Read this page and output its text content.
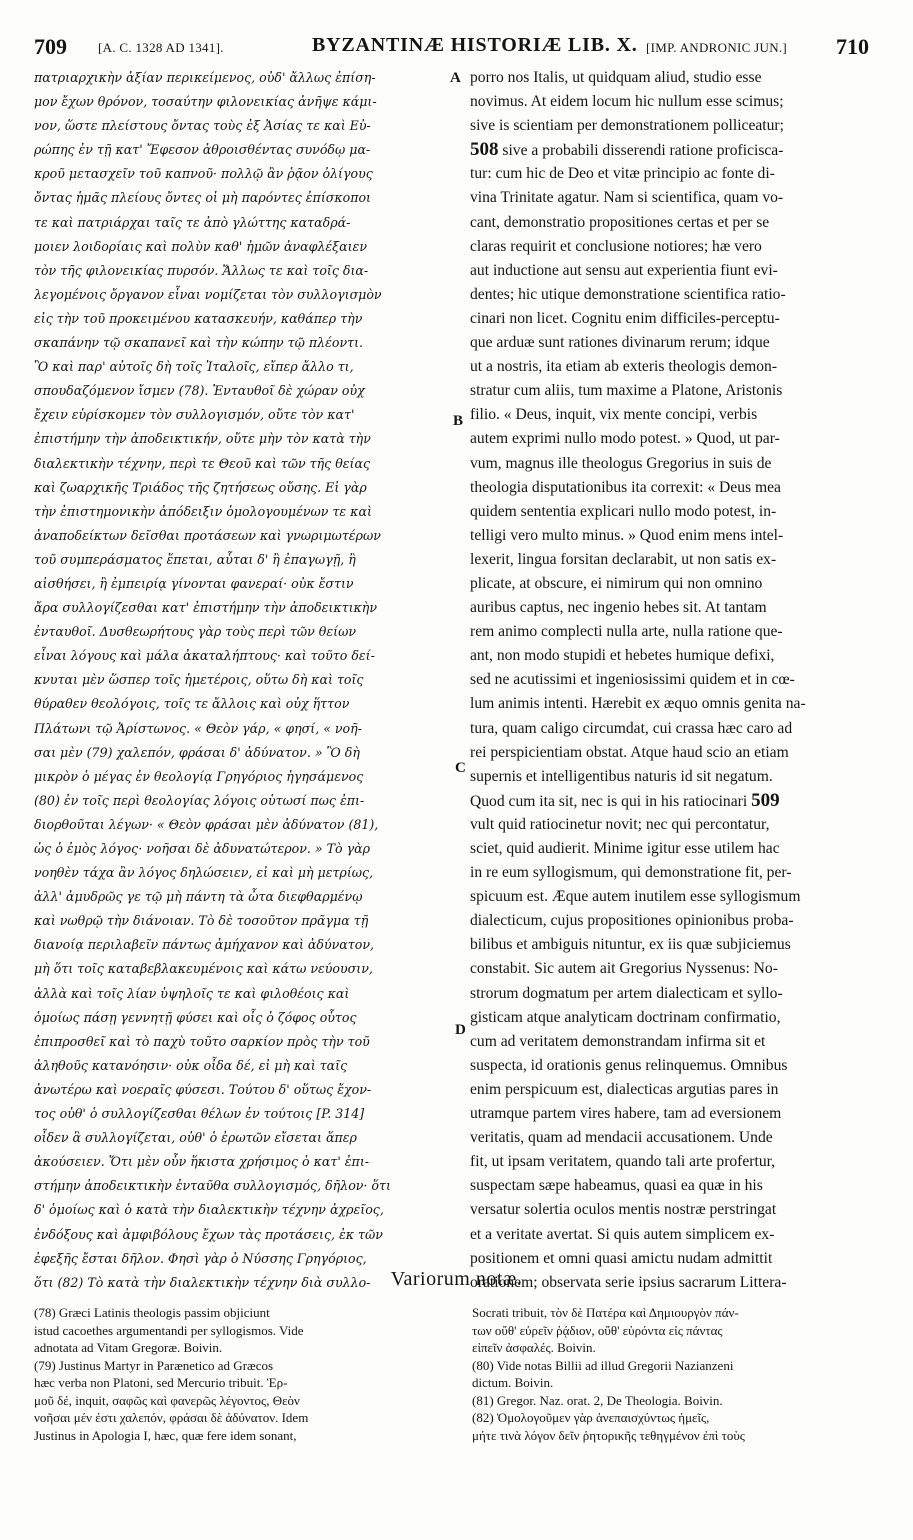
709 [A. C. 1328 AD 1341].	BYZANTINÆ HISTORIÆ LIB. X. [IMP. ANDRONIC JUN.] 710

πατριαρχικὴν ἀξίαν περικείμενος, οὐδ' ἄλλως ἐπίση-

μον ἔχων θρόνον, τοσαύτην φιλονεικίας ἀνῆψε κάμι-

νον, ὥστε πλείστους ὄντας τοὺς ἐξ Ἀσίας τε καὶ Εὐ-

ρώπης ἐν τῇ κατ' Ἔφεσον ἀθροισθέντας συνόδῳ μα-

κροῦ μετασχεῖν τοῦ καπνοῦ· πολλῷ ἂν ῥᾷον ὀλίγους

ὄντας ἡμᾶς πλείους ὄντες οἱ μὴ παρόντες ἐπίσκοποι

τε καὶ πατριάρχαι ταῖς τε ἀπὸ γλώττης καταδρά-

μοιεν λοιδορίαις καὶ πολὺν καθ' ἡμῶν ἀναφλέξαιεν

τὸν τῆς φιλονεικίας πυρσόν. Ἄλλως τε καὶ τοῖς δια-

λεγομένοις ὄργανον εἶναι νομίζεται τὸν συλλογισμὸν

εἰς τὴν τοῦ προκειμένου κατασκευήν, καθάπερ τὴν

σκαπάνην τῷ σκαπανεῖ καὶ τὴν κώπην τῷ πλέοντι.

Ὃ καὶ παρ' αὐτοῖς δὴ τοῖς Ἰταλοῖς, εἴπερ ἄλλο τι,

σπουδαζόμενον ἴσμεν (78). Ἐνταυθοῖ δὲ χώραν οὐχ

ἔχειν εὑρίσκομεν τὸν συλλογισμόν, οὔτε τὸν κατ'

ἐπιστήμην τὴν ἀποδεικτικήν, οὔτε μὴν τὸν κατὰ τὴν

διαλεκτικὴν τέχνην, περὶ τε Θεοῦ καὶ τῶν τῆς θείας

καὶ ζωαρχικῆς Τριάδος τῆς ζητήσεως οὔσης. Εἰ γὰρ

τὴν ἐπιστημονικὴν ἀπόδειξιν ὁμολογουμένων τε καὶ

ἀναποδείκτων δεῖσθαι προτάσεων καὶ γνωριμωτέρων

τοῦ συμπεράσματος ἕπεται, αὗται δ' ἢ ἐπαγωγῇ, ἢ

αἰσθήσει, ἢ ἐμπειρίᾳ γίνονται φανεραί· οὐκ ἔστιν

ἄρα συλλογίζεσθαι κατ' ἐπιστήμην τὴν ἀποδεικτικὴν

ἐνταυθοῖ. Δυσθεωρήτους γὰρ τοὺς περὶ τῶν θείων

εἶναι λόγους καὶ μάλα ἀκαταλήπτους· καὶ τοῦτο δεί-

κνυται μὲν ὥσπερ τοῖς ἡμετέροις, οὕτω δὴ καὶ τοῖς

θύραθεν θεολόγοις, τοῖς τε ἄλλοις καὶ οὐχ ἥττον

Πλάτωνι τῷ Ἀρίστωνος. « Θεὸν γάρ, « φησί, « νοῆ-

σαι μὲν (79) χαλεπόν, φράσαι δ' ἀδύνατον. » Ὃ δὴ

μικρὸν ὁ μέγας ἐν θεολογίᾳ Γρηγόριος ἡγησάμενος

(80) ἐν τοῖς περὶ θεολογίας λόγοις οὑτωσί πως ἐπι-

διορθοῦται λέγων· « Θεὸν φράσαι μὲν ἀδύνατον (81),

ὡς ὁ ἐμὸς λόγος· νοῆσαι δὲ ἀδυνατώτερον. » Τὸ γὰρ

νοηθὲν τάχα ἂν λόγος δηλώσειεν, εἰ καὶ μὴ μετρίως,

ἀλλ' ἀμυδρῶς γε τῷ μὴ πάντη τὰ ὦτα διεφθαρμένῳ

καὶ νωθρῷ τὴν διάνοιαν. Τὸ δὲ τοσοῦτον πρᾶγμα τῇ

διανοίᾳ περιλαβεῖν πάντως ἀμήχανον καὶ ἀδύνατον,

μὴ ὅτι τοῖς καταβεβλακευμένοις καὶ κάτω νεύουσιν,

ἀλλὰ καὶ τοῖς λίαν ὑψηλοῖς τε καὶ φιλοθέοις καὶ

ὁμοίως πάσῃ γεννητῇ φύσει καὶ οἷς ὁ ζόφος οὗτος

ἐπιπροσθεῖ καὶ τὸ παχὺ τοῦτο σαρκίον πρὸς τὴν τοῦ

ἀληθοῦς κατανόησιν· οὐκ οἶδα δέ, εἰ μὴ καὶ ταῖς

ἀνωτέρω καὶ νοεραῖς φύσεσι. Τούτου δ' οὕτως ἔχον-

τος οὐθ' ὁ συλλογίζεσθαι θέλων ἐν τούτοις [P. 314]

οἶδεν ἃ συλλογίζεται, οὐθ' ὁ ἐρωτῶν εἴσεται ἅπερ

ἀκούσειεν. Ὅτι μὲν οὖν ἥκιστα χρήσιμος ὁ κατ' ἐπι-

στήμην ἀποδεικτικὴν ἐνταῦθα συλλογισμός, δῆλον· ὅτι

δ' ὁμοίως καὶ ὁ κατὰ τὴν διαλεκτικὴν τέχνην ἀχρεῖος,

ἐνδόξους καὶ ἀμφιβόλους ἔχων τὰς προτάσεις, ἐκ τῶν

ἐφεξῆς ἔσται δῆλον. Φησὶ γὰρ ὁ Νύσσης Γρηγόριος,

ὅτι (82) Τὸ κατὰ τὴν διαλεκτικὴν τέχνην διὰ συλλο-

porro nos Italis, ut quidquam aliud, studio esse

novimus. At eidem locum hic nullum esse scimus;

sive is scientiam per demonstrationem polliceatur;

508 sive a probabili disserendi ratione proficisca-

tur: cum hic de Deo et vitæ principio ac fonte di-

vina Trinitate agatur. Nam si scientifica, quam vo-

cant, demonstratio propositiones certas et per se

claras requirit et conclusione notiores; hæ vero

aut inductione aut sensu aut experientia fiunt evi-

dentes; hic utique demonstratione scientifica ratio-

cinari non licet. Cognitu enim difficiles-perceptu-

que arduæ sunt rationes divinarum rerum; idque

ut a nostris, ita etiam ab exteris theologis demon-

stratur cum aliis, tum maxime a Platone, Aristonis

filio. « Deus, inquit, vix mente concipi, verbis

autem exprimi nullo modo potest. » Quod, ut par-

vum, magnus ille theologus Gregorius in suis de

theologia disputationibus ita correxit: « Deus mea

quidem sententia explicari nullo modo potest, in-

telligi vero multo minus. » Quod enim mens intel-

lexerit, lingua forsitan declarabit, ut non satis ex-

plicate, at obscure, ei nimirum qui non omnino

auribus captus, nec ingenio hebes sit. At tantam

rem animo complecti nulla arte, nulla ratione que-

ant, non modo stupidi et hebetes humique defixi,

sed ne acutissimi et ingeniosissimi quidem et in cœ-

lum animis intenti. Hærebit ex æquo omnis genita na-

tura, quam caligo circumdat, cui crassa hæc caro ad

rei perspicientiam obstat. Atque haud scio an etiam

supernis et intelligentibus naturis id sit negatum.

Quod cum ita sit, nec is qui in his ratiocinari 509

vult quid ratiocinetur novit; nec qui percontatur,

sciet, quid audierit. Minime igitur esse utilem hac

in re eum syllogismum, qui demonstratione fit, per-

spicuum est. Æque autem inutilem esse syllogismum

dialecticum, cujus propositiones opinionibus proba-

bilibus et ambiguis nituntur, ex iis quæ subjiciemus

constabit. Sic autem ait Gregorius Nyssenus: No-

strorum dogmatum per artem dialecticam et syllo-

gisticam atque analyticam doctrinam confirmatio,

cum ad veritatem demonstrandam infirma sit et

suspecta, id orationis genus relinquemus. Omnibus

enim perspicuum est, dialecticas argutias pares in

utramque partem vires habere, tam ad eversionem

veritatis, quam ad mendacii accusationem. Unde

fit, ut ipsam veritatem, quando tali arte profertur,

suspectam sæpe habeamus, quasi ea quæ in his

versatur solertia oculos mentis nostræ perstringat

et a veritate avertat. Si quis autem simplicem ex-

positionem et omni quasi amictu nudam admittit

orationem; observata serie ipsius sacrarum Littera-

A
B
C
D
Variorum notæ.

(78) Græci Latinis theologis passim objiciunt

istud cacoethes argumentandi per syllogismos. Vide

adnotata ad Vitam Gregoræ. Boivin.

(79) Justinus Martyr in Parænetico ad Græcos

hæc verba non Platoni, sed Mercurio tribuit. Ἑρ-

μοῦ δέ, inquit, σαφῶς καὶ φανερῶς λέγοντος, Θεὸν

νοῆσαι μέν ἐστι χαλεπόν, φράσαι δὲ ἀδύνατον. Idem

Justinus in Apologia I, hæc, quæ fere idem sonant,

Socrati tribuit, τὸν δὲ Πατέρα καὶ Δημιουργὸν πάν-

των οὔθ' εὑρεῖν ῥᾴδιον, οὔθ' εὑρόντα εἰς πάντας

εἰπεῖν ἀσφαλές. Boivin.

(80) Vide notas Billii ad illud Gregorii Nazianzeni

dictum. Boivin.

(81) Gregor. Naz. orat. 2, De Theologia. Boivin.

(82) Ὁμολογοῦμεν γὰρ ἀνεπαισχύντως ἡμεῖς,

μήτε τινὰ λόγον δεῖν ῥητορικῆς τεθηγμένον ἐπὶ τοὺς
